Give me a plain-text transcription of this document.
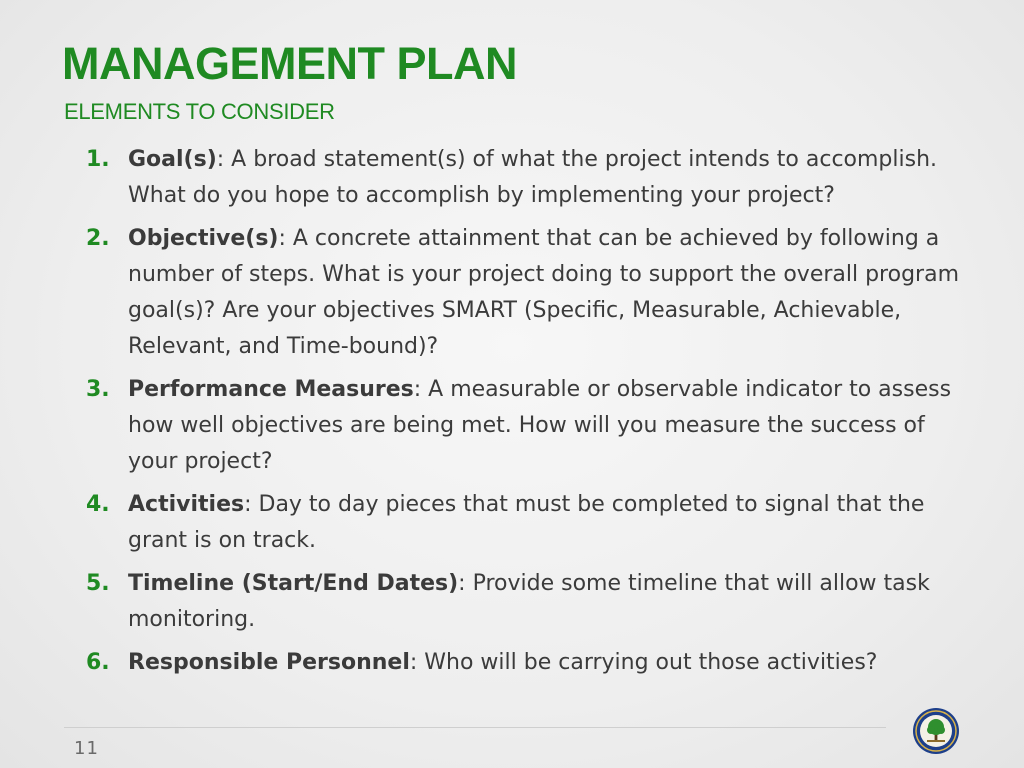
MANAGEMENT PLAN
ELEMENTS TO CONSIDER
1. Goal(s): A broad statement(s) of what the project intends to accomplish. What do you hope to accomplish by implementing your project?
2. Objective(s): A concrete attainment that can be achieved by following a number of steps. What is your project doing to support the overall program goal(s)? Are your objectives SMART (Specific, Measurable, Achievable, Relevant, and Time-bound)?
3. Performance Measures: A measurable or observable indicator to assess how well objectives are being met. How will you measure the success of your project?
4. Activities: Day to day pieces that must be completed to signal that the grant is on track.
5. Timeline (Start/End Dates): Provide some timeline that will allow task monitoring.
6. Responsible Personnel: Who will be carrying out those activities?
11
